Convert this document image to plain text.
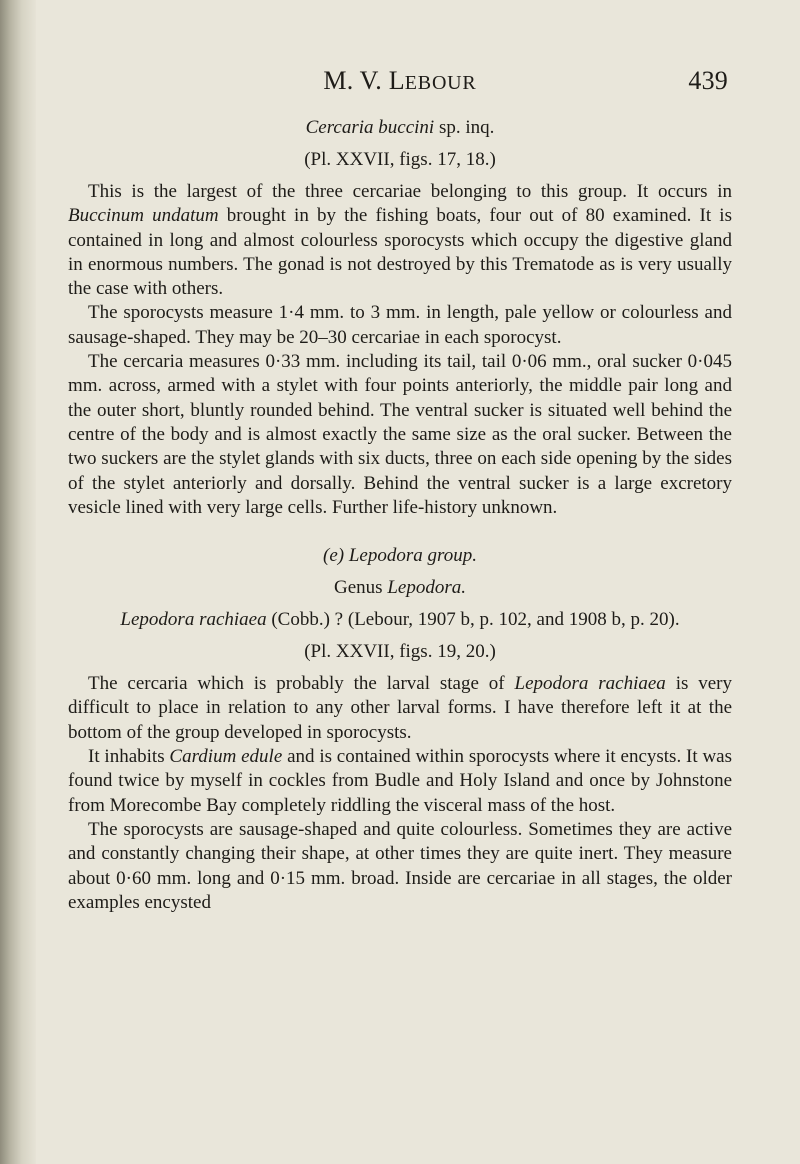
M. V. LEBOUR	439
Cercaria buccini sp. inq.
(Pl. XXVII, figs. 17, 18.)

This is the largest of the three cercariae belonging to this group. It occurs in Buccinum undatum brought in by the fishing boats, four out of 80 examined. It is contained in long and almost colourless sporocysts which occupy the digestive gland in enormous numbers. The gonad is not destroyed by this Trematode as is very usually the case with others.

The sporocysts measure 1·4 mm. to 3 mm. in length, pale yellow or colourless and sausage-shaped. They may be 20–30 cercariae in each sporocyst.

The cercaria measures 0·33 mm. including its tail, tail 0·06 mm., oral sucker 0·045 mm. across, armed with a stylet with four points anteriorly, the middle pair long and the outer short, bluntly rounded behind. The ventral sucker is situated well behind the centre of the body and is almost exactly the same size as the oral sucker. Between the two suckers are the stylet glands with six ducts, three on each side opening by the sides of the stylet anteriorly and dorsally. Behind the ventral sucker is a large excretory vesicle lined with very large cells. Further life-history unknown.

(e) Lepodora group.
Genus Lepodora.
Lepodora rachiaea (Cobb.) ? (Lebour, 1907 b, p. 102, and 1908 b, p. 20).
(Pl. XXVII, figs. 19, 20.)

The cercaria which is probably the larval stage of Lepodora rachiaea is very difficult to place in relation to any other larval forms. I have therefore left it at the bottom of the group developed in sporocysts.

It inhabits Cardium edule and is contained within sporocysts where it encysts. It was found twice by myself in cockles from Budle and Holy Island and once by Johnstone from Morecombe Bay completely riddling the visceral mass of the host.

The sporocysts are sausage-shaped and quite colourless. Sometimes they are active and constantly changing their shape, at other times they are quite inert. They measure about 0·60 mm. long and 0·15 mm. broad. Inside are cercariae in all stages, the older examples encysted
